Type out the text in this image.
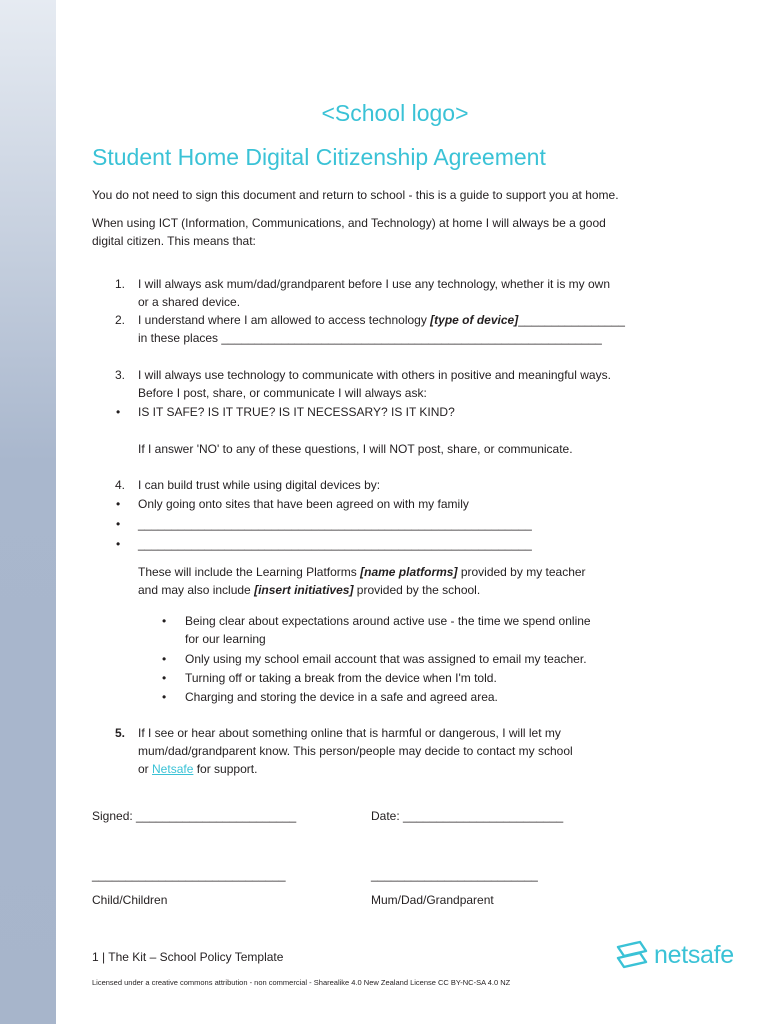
<School logo>
Student Home Digital Citizenship Agreement
You do not need to sign this document and return to school - this is a guide to support you at home.
When using ICT (Information, Communications, and Technology) at home I will always be a good
digital citizen. This means that:
1. I will always ask mum/dad/grandparent before I use any technology, whether it is my own
or a shared device.
2. I understand where I am allowed to access technology [type of device]________________
in these places _________________________________________________________
3. I will always use technology to communicate with others in positive and meaningful ways.
Before I post, share, or communicate I will always ask:
• IS IT SAFE? IS IT TRUE? IS IT NECESSARY? IS IT KIND?
If I answer 'NO' to any of these questions, I will NOT post, share, or communicate.
4. I can build trust while using digital devices by:
• Only going onto sites that have been agreed on with my family
• ___________________________________________________________
• ___________________________________________________________
These will include the Learning Platforms [name platforms] provided by my teacher
and may also include [insert initiatives] provided by the school.
• Being clear about expectations around active use - the time we spend online
for our learning
• Only using my school email account that was assigned to email my teacher.
• Turning off or taking a break from the device when I'm told.
• Charging and storing the device in a safe and agreed area.
5. If I see or hear about something online that is harmful or dangerous, I will let my
mum/dad/grandparent know. This person/people may decide to contact my school
or Netsafe for support.
Signed: ________________________	Date: ________________________
_____________________________	_________________________
Child/Children	Mum/Dad/Grandparent
1 | The Kit – School Policy Template
Licensed under a creative commons attribution - non commercial - Sharealike 4.0 New Zealand License CC BY-NC-SA 4.0 NZ
netsafe
